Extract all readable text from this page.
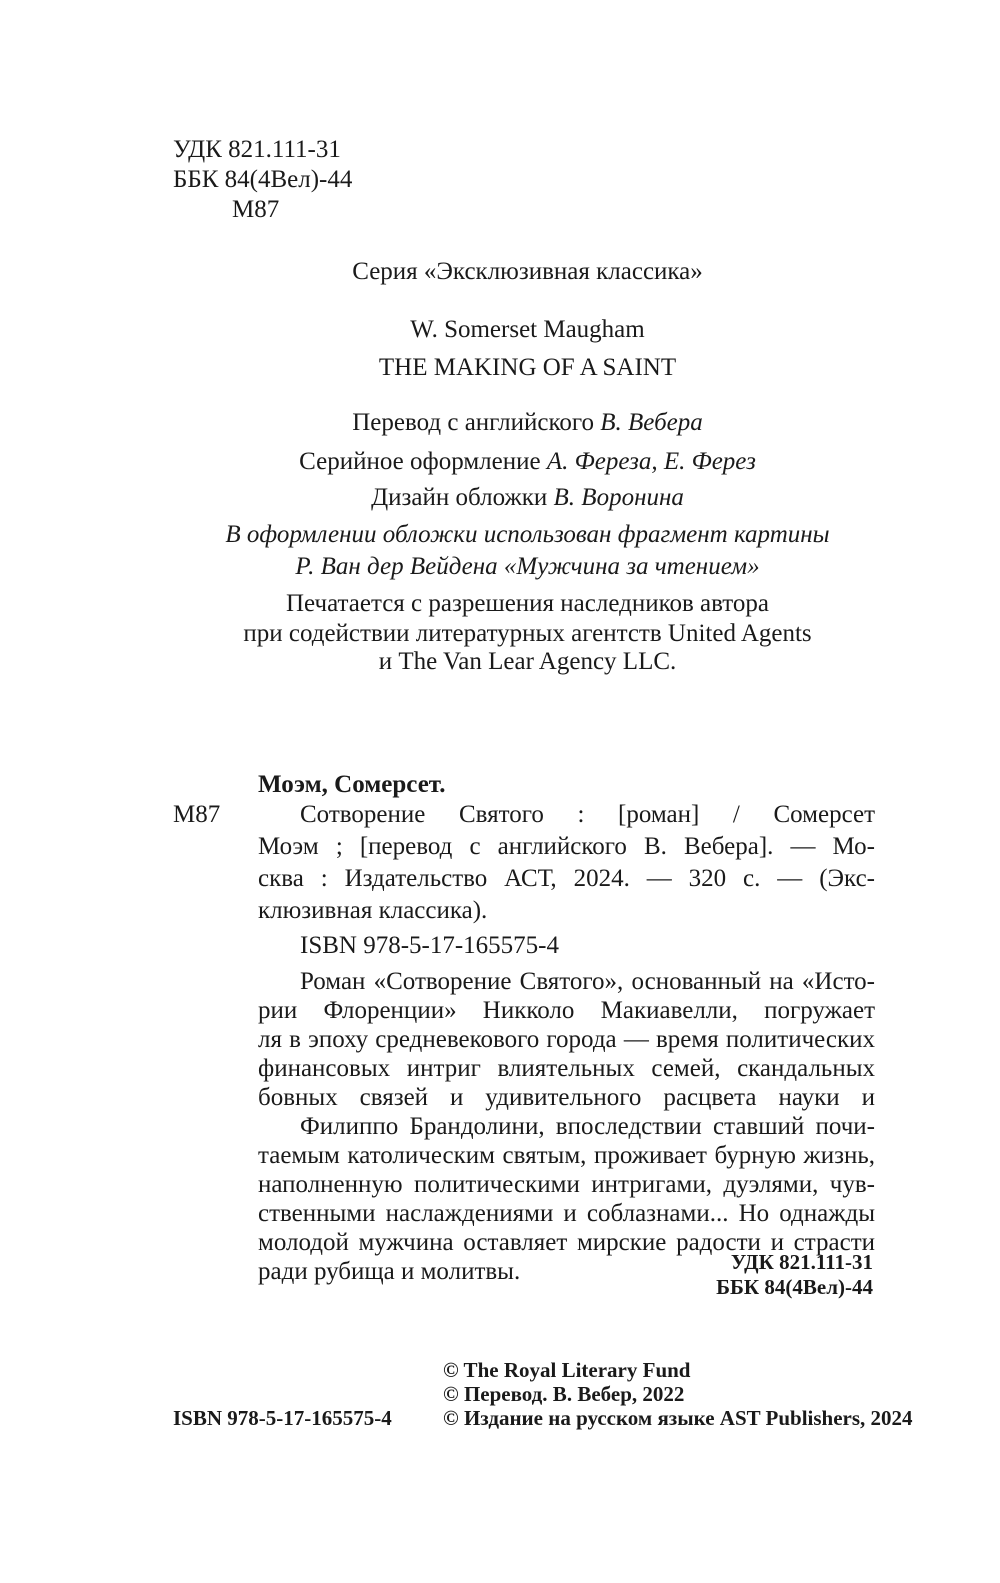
УДК 821.111-31
ББК 84(4Вел)-44
М87
Серия «Эксклюзивная классика»
W. Somerset Maugham
THE MAKING OF A SAINT
Перевод с английского В. Вебера
Серийное оформление А. Фереза, Е. Ферез
Дизайн обложки В. Воронина
В оформлении обложки использован фрагмент картины
Р. Ван дер Вейдена «Мужчина за чтением»
Печатается с разрешения наследников автора
при содействии литературных агентств United Agents
и The Van Lear Agency LLC.
Моэм, Сомерсет.
М87	Сотворение Святого : [роман] / Сомерсет
Моэм ; [перевод с английского В. Вебера]. — Мо-
сква : Издательство АСТ, 2024. — 320 с. — (Экс-
клюзивная классика).
ISBN 978-5-17-165575-4
Роман «Сотворение Святого», основанный на «Исто-
рии Флоренции» Никколо Макиавелли, погружает
ля в эпоху средневекового города — время политических
финансовых интриг влиятельных семей, скандальных
бовных связей и удивительного расцвета науки и
Филиппо Брандолини, впоследствии ставший почи-
таемым католическим святым, проживает бурную жизнь,
наполненную политическими интригами, дуэлями, чув-
ственными наслаждениями и соблазнами... Но однажды
молодой мужчина оставляет мирские радости и страсти
ради рубища и молитвы.	УДК 821.111-31
ББК 84(4Вел)-44
© The Royal Literary Fund
© Перевод. В. Вебер, 2022
© Издание на русском языке AST Publishers, 2024
ISBN 978-5-17-165575-4
